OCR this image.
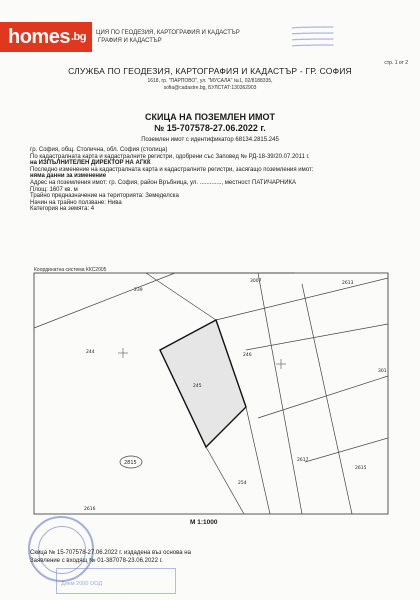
homes$^{.bg}$	ЦИЯ ПО ГЕОДЕЗИЯ, КАРТОГРАФИЯ И КАДАСТЪР
ГРАФИЯ И КАДАСТЪР
═════════════
═════════════
═════════════
═════════════
стр. 1 от 2
СЛУЖБА ПО ГЕОДЕЗИЯ, КАРТОГРАФИЯ И КАДАСТЪР - ГР. СОФИЯ
1618, гр. "ПАРПОВО", ул. "МУСАЛА" №1, 02/8188335,
sofia@cadastre.bg, БУЛСТАТ:130362903
СКИЦА НА ПОЗЕМЛЕН ИМОТ
№ 15-707578-27.06.2022 г.
Поземлен имот с идентификатор 68134.2815.245
гр. София, общ. Столична, обл. София (столица)
По кадастралната карта и кадастралните регистри, одобрени със Заповед № РД-18-39/20.07.2011 г.
на ИЗПЪЛНИТЕЛЕН ДИРЕКТОР НА АГКК
Последно изменение на кадастралната карта и кадастралните регистри, засягащо поземления имот:
няма данни за изменение
Адрес на поземления имот: гр. София, район Връбница, ул. ............., местност ПАТИЧАРНИКА
Площ: 1607 кв. м
Трайно предназначение на територията: Земеделска
Начин на трайно ползване: Нива
Категория на земята: 4
Координатна система ККС2005
239
244
245
246
254
2613
2615
2616
2617
3007
301
2815
М 1:1000
Скица № 15-707578-27.06.2022 г. издадена въз основа на
Заявление с входящ № 01-387078-23.06.2022 г.
Дием 2000 ООД
